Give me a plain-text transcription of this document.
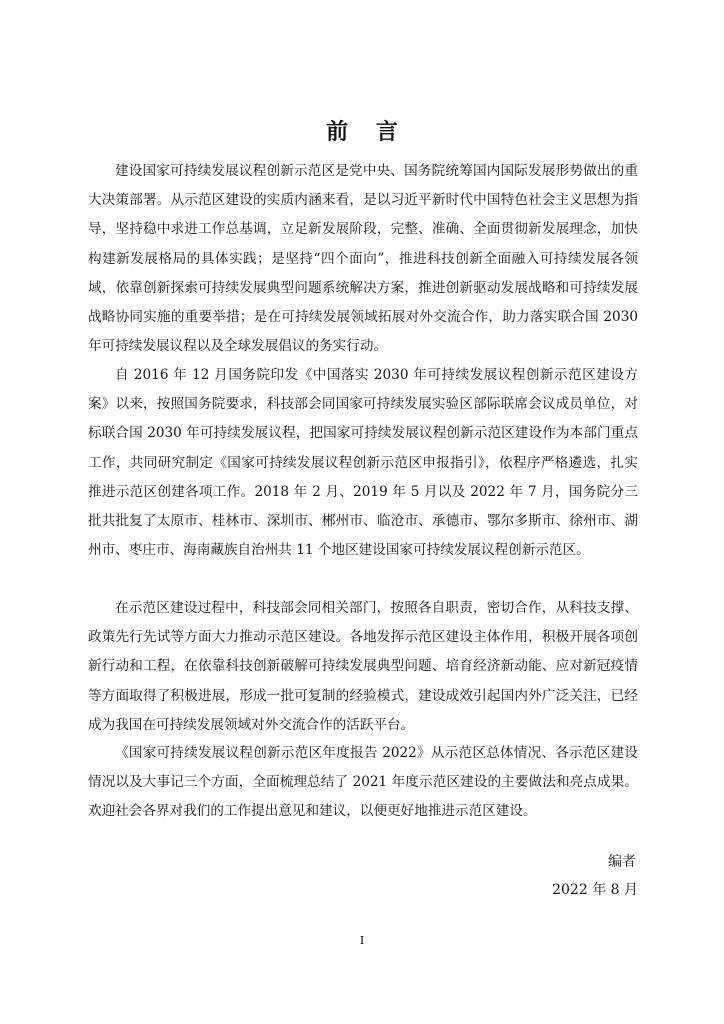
前 言

建设国家可持续发展议程创新示范区是党中央、国务院统筹国内国际发展形势做出的重大决策部署。从示范区建设的实质内涵来看，是以习近平新时代中国特色社会主义思想为指导，坚持稳中求进工作总基调，立足新发展阶段，完整、准确、全面贯彻新发展理念，加快构建新发展格局的具体实践；是坚持“四个面向”，推进科技创新全面融入可持续发展各领域，依靠创新探索可持续发展典型问题系统解决方案，推进创新驱动发展战略和可持续发展战略协同实施的重要举措；是在可持续发展领域拓展对外交流合作，助力落实联合国 2030 年可持续发展议程以及全球发展倡议的务实行动。

自 2016 年 12 月国务院印发《中国落实 2030 年可持续发展议程创新示范区建设方案》以来，按照国务院要求，科技部会同国家可持续发展实验区部际联席会议成员单位，对标联合国 2030 年可持续发展议程，把国家可持续发展议程创新示范区建设作为本部门重点工作，共同研究制定《国家可持续发展议程创新示范区申报指引》，依程序严格遴选，扎实推进示范区创建各项工作。2018 年 2 月、2019 年 5 月以及 2022 年 7 月，国务院分三批共批复了太原市、桂林市、深圳市、郴州市、临沧市、承德市、鄂尔多斯市、徐州市、湖州市、枣庄市、海南藏族自治州共 11 个地区建设国家可持续发展议程创新示范区。

在示范区建设过程中，科技部会同相关部门，按照各自职责，密切合作，从科技支撑、政策先行先试等方面大力推动示范区建设。各地发挥示范区建设主体作用，积极开展各项创新行动和工程，在依靠科技创新破解可持续发展典型问题、培育经济新动能、应对新冠疫情等方面取得了积极进展，形成一批可复制的经验模式，建设成效引起国内外广泛关注，已经成为我国在可持续发展领域对外交流合作的活跃平台。

《国家可持续发展议程创新示范区年度报告 2022》从示范区总体情况、各示范区建设情况以及大事记三个方面，全面梳理总结了 2021 年度示范区建设的主要做法和亮点成果。欢迎社会各界对我们的工作提出意见和建议，以便更好地推进示范区建设。

编者
2022 年 8 月
I
